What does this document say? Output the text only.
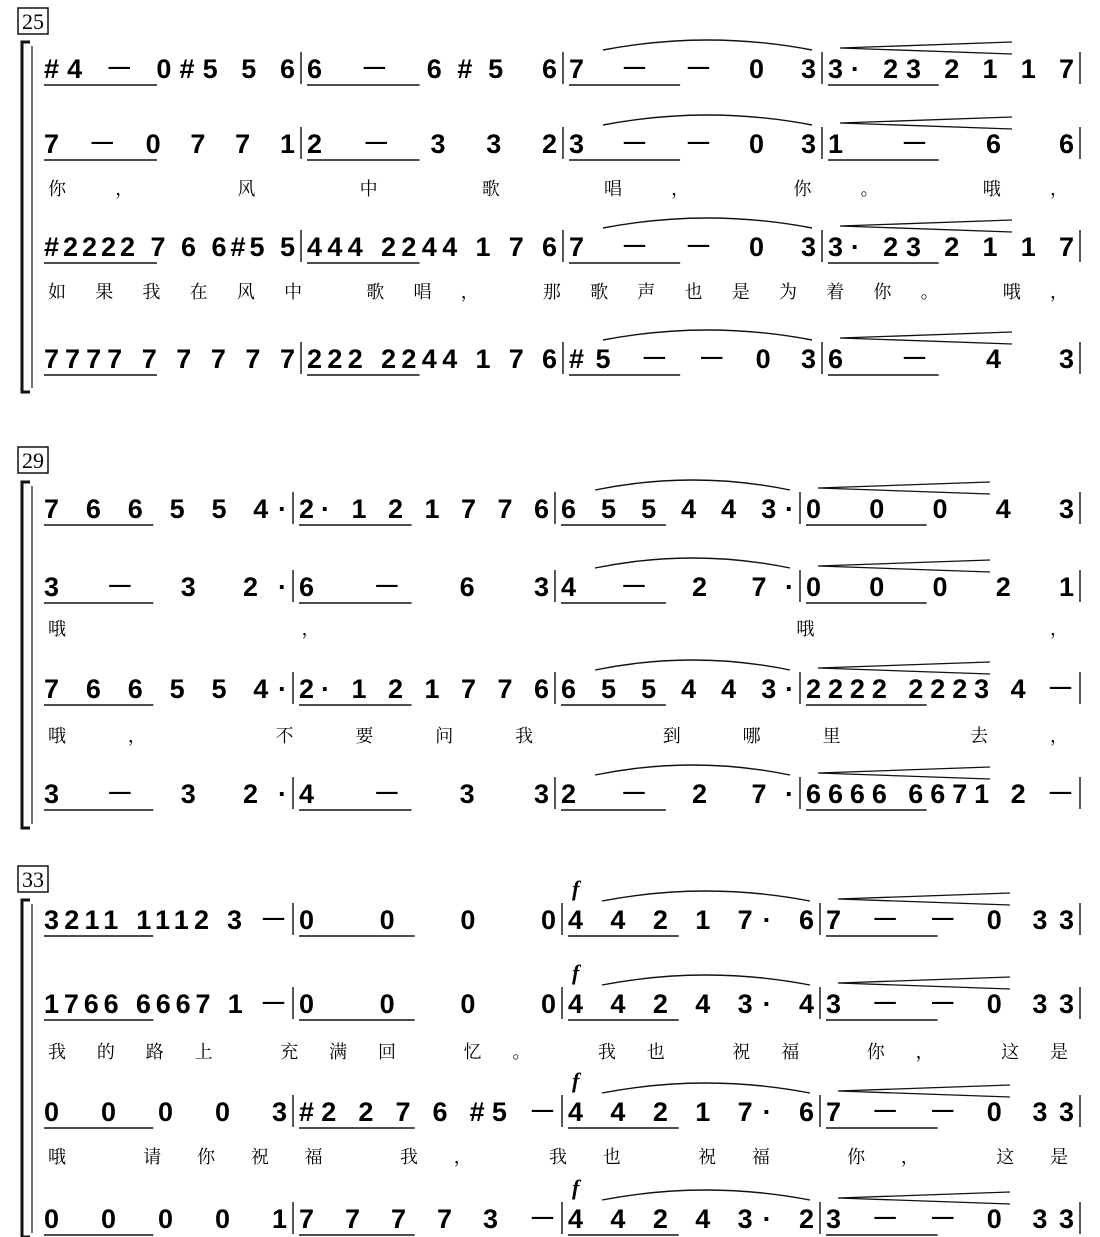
25
#4 － 0#5 5 6 6 － 6#5 6 7 － － 0 3 3· 23 2 1 1 7
7 － 0 7 7 1 2 － 3 3 2 3 － － 0 3 1 － 6 6
你， 风 中 歌 唱， 你。 哦，
#2222 7 6 6#5 5 444 2244 1 7 6 7 － － 0 3 3· 23 2 1 1 7
如果我在风中 歌唱， 那歌声也是为着你。 哦，
7777 7 7 7 7 7 222 2244 1 7 6 #5 － － 0 3 6 － 4 3
29
7 6 6 5 5 4· 2· 1 2 1 7 7 6 6 5 5 4 4 3· 0 0 0 4 3
3 － 3 2· 6 － 6 3 4 － 2 7· 0 0 0 2 1
哦， 哦，
7 6 6 5 5 4· 2· 1 2 1 7 7 6 6 5 5 4 4 3· 2222 2223 4 －
哦， 不要问我 到哪里 去，
3 － 3 2· 4 － 3 3 2 － 2 7· 6666 6671 2 －
33
3211 1112 3 － 0 0 0 0 4 4 2 1 7· 6 7 － － 0 33
1766 6667 1 － 0 0 0 0 4 4 2 4 3· 4 3 － － 0 33
我的路上 充满回 忆。 我也 祝福 你， 这是
0 0 0 0 3 #2 2 7 6 #5 － 4 4 2 1 7· 6 7 － － 0 33
哦 请你祝福 我， 我也 祝福 你， 这是
0 0 0 0 1 7 7 7 7 3 － 4 4 2 4 3· 2 3 － － 0 33
f
f
f
f
